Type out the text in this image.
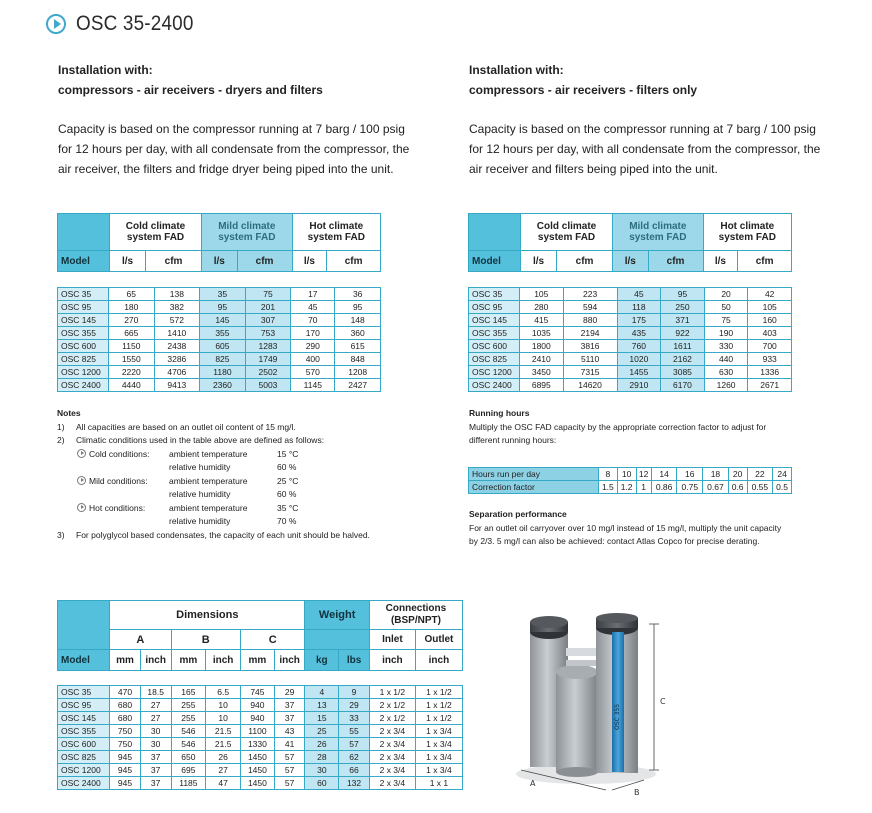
OSC 35-2400
Installation with:
compressors - air receivers - dryers and filters
Capacity is based on the compressor running at 7 barg / 100 psig
for 12 hours per day, with all condensate from the compressor, the
air receiver, the filters and fridge dryer being piped into the unit.
Installation with:
compressors - air receivers - filters only
Capacity is based on the compressor running at 7 barg / 100 psig
for 12 hours per day, with all condensate from the compressor, the
air receiver and filters being piped into the unit.
	Cold climate system FAD		Mild climate system FAD		Hot climate system FAD	
Model	l/s	cfm	l/s	cfm	l/s	cfm
OSC 35	65	138	35	75	17	36
OSC 95	180	382	95	201	45	95
OSC 145	270	572	145	307	70	148
OSC 355	665	1410	355	753	170	360
OSC 600	1150	2438	605	1283	290	615
OSC 825	1550	3286	825	1749	400	848
OSC 1200	2220	4706	1180	2502	570	1208
OSC 2400	4440	9413	2360	5003	1145	2427
	Cold climate system FAD		Mild climate system FAD		Hot climate system FAD	
Model	l/s	cfm	l/s	cfm	l/s	cfm
OSC 35	105	223	45	95	20	42
OSC 95	280	594	118	250	50	105
OSC 145	415	880	175	371	75	160
OSC 355	1035	2194	435	922	190	403
OSC 600	1800	3816	760	1611	330	700
OSC 825	2410	5110	1020	2162	440	933
OSC 1200	3450	7315	1455	3085	630	1336
OSC 2400	6895	14620	2910	6170	1260	2671
Notes
1)	All capacities are based on an outlet oil content of 15 mg/l.
2)	Climatic conditions used in the table above are defined as follows:
Cold conditions:	ambient temperature	15 °C
relative humidity	60 %
Mild conditions:	ambient temperature	25 °C
relative humidity	60 %
Hot conditions:	ambient temperature	35 °C
relative humidity	70 %
3)	For polyglycol based condensates, the capacity of each unit should be halved.
Running hours
Multiply the OSC FAD capacity by the appropriate correction factor to adjust for
different running hours:
Hours run per day	8	10	12	14	16	18	20	22	24
Correction factor	1.5	1.2	1	0.86	0.75	0.67	0.6	0.55	0.5
Separation performance
For an outlet oil carryover over 10 mg/l instead of 15 mg/l, multiply the unit capacity
by 2/3. 5 mg/l can also be achieved: contact Atlas Copco for precise derating.
	Dimensions						Weight		Connections
(BSP/NPT)	

	A		B		C				Inlet	Outlet
Model	mm	inch	mm	inch	mm	inch	kg	lbs	inch	inch
OSC 35	470	18.5	165	6.5	745	29	4	9	1 x 1/2	1 x 1/2
OSC 95	680	27	255	10	940	37	13	29	2 x 1/2	1 x 1/2
OSC 145	680	27	255	10	940	37	15	33	2 x 1/2	1 x 1/2
OSC 355	750	30	546	21.5	1100	43	25	55	2 x 3/4	1 x 3/4
OSC 600	750	30	546	21.5	1330	41	26	57	2 x 3/4	1 x 3/4
OSC 825	945	37	650	26	1450	57	28	62	2 x 3/4	1 x 3/4
OSC 1200	945	37	695	27	1450	57	30	66	2 x 3/4	1 x 3/4
OSC 2400	945	37	1185	47	1450	57	60	132	2 x 3/4	1 x 1
OSC 355
C
A
B
